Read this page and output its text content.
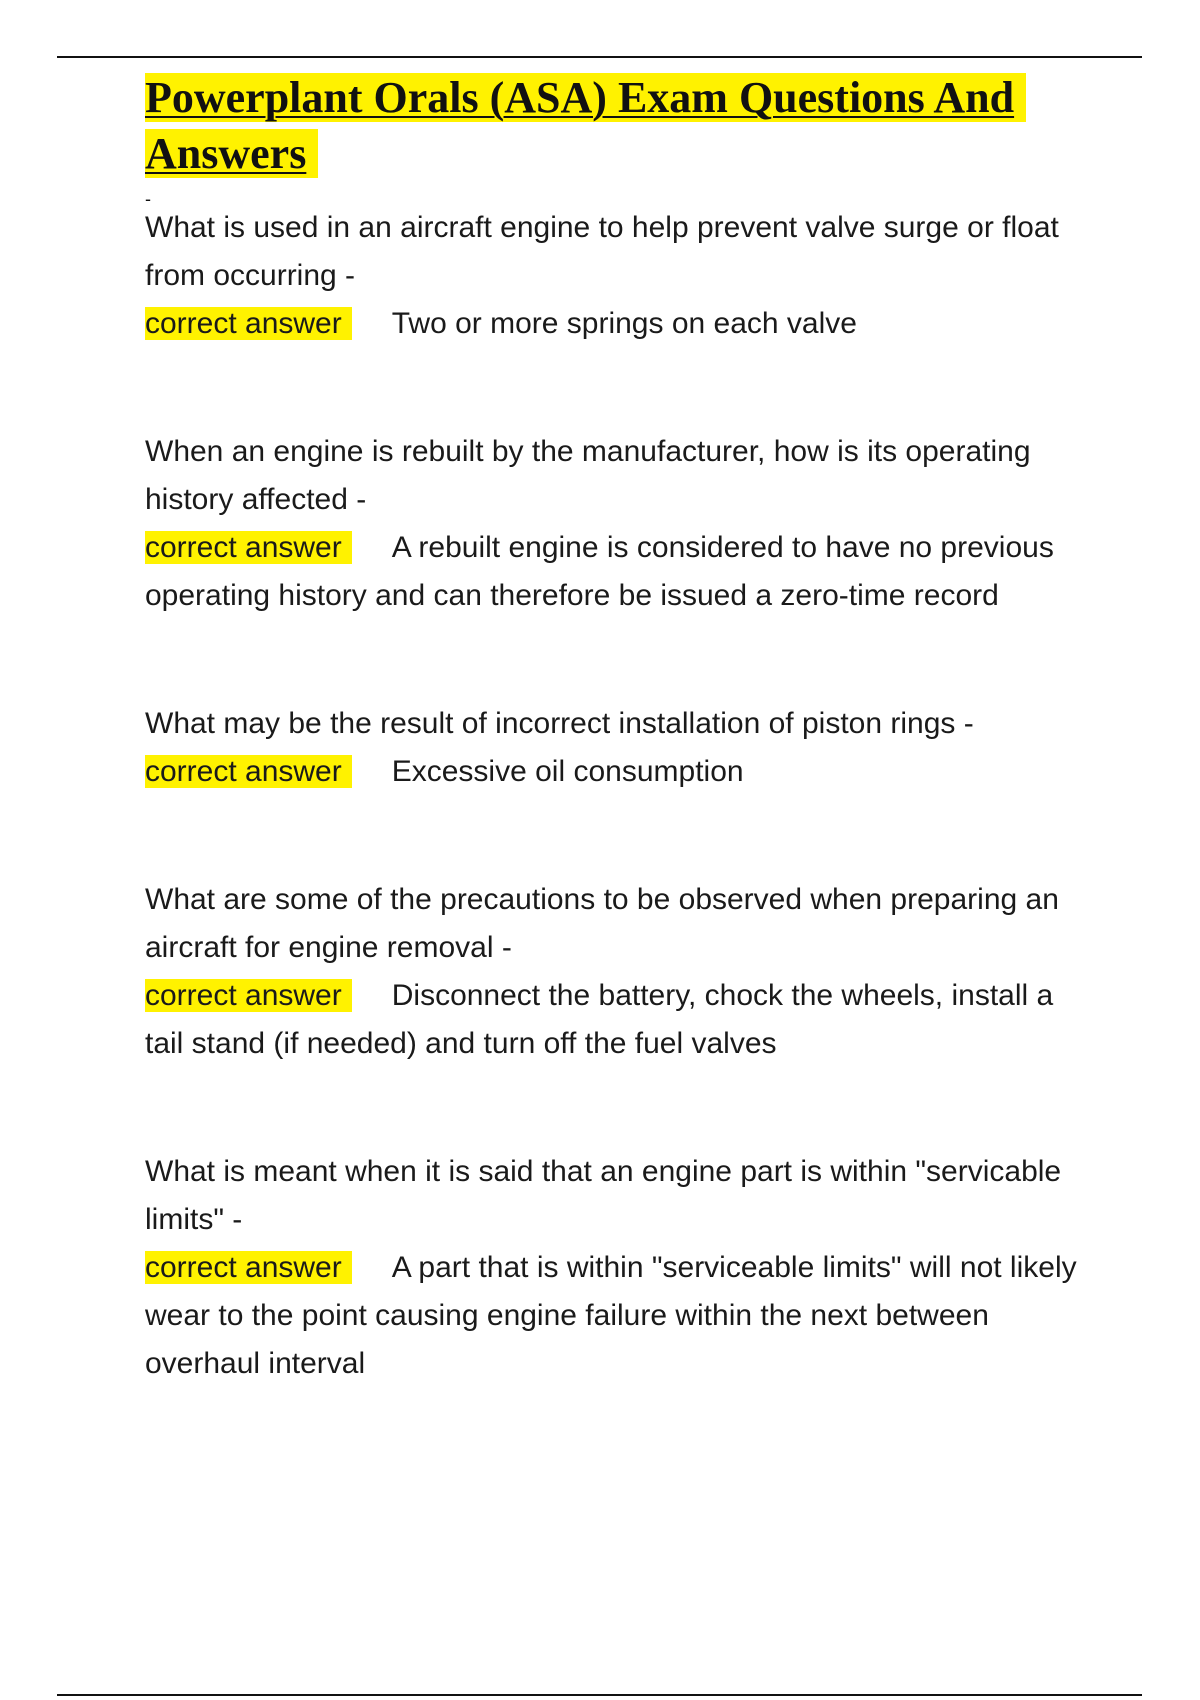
Powerplant Orals (ASA) Exam Questions And Answers
-

What is used in an aircraft engine to help prevent valve surge or float from occurring -

correct answer Two or more springs on each valve

When an engine is rebuilt by the manufacturer, how is its operating history affected -

correct answer A rebuilt engine is considered to have no previous operating history and can therefore be issued a zero-time record

What may be the result of incorrect installation of piston rings -

correct answer Excessive oil consumption

What are some of the precautions to be observed when preparing an aircraft for engine removal -

correct answer Disconnect the battery, chock the wheels, install a tail stand (if needed) and turn off the fuel valves

What is meant when it is said that an engine part is within "servicable limits" -

correct answer A part that is within "serviceable limits" will not likely wear to the point causing engine failure within the next between overhaul interval
